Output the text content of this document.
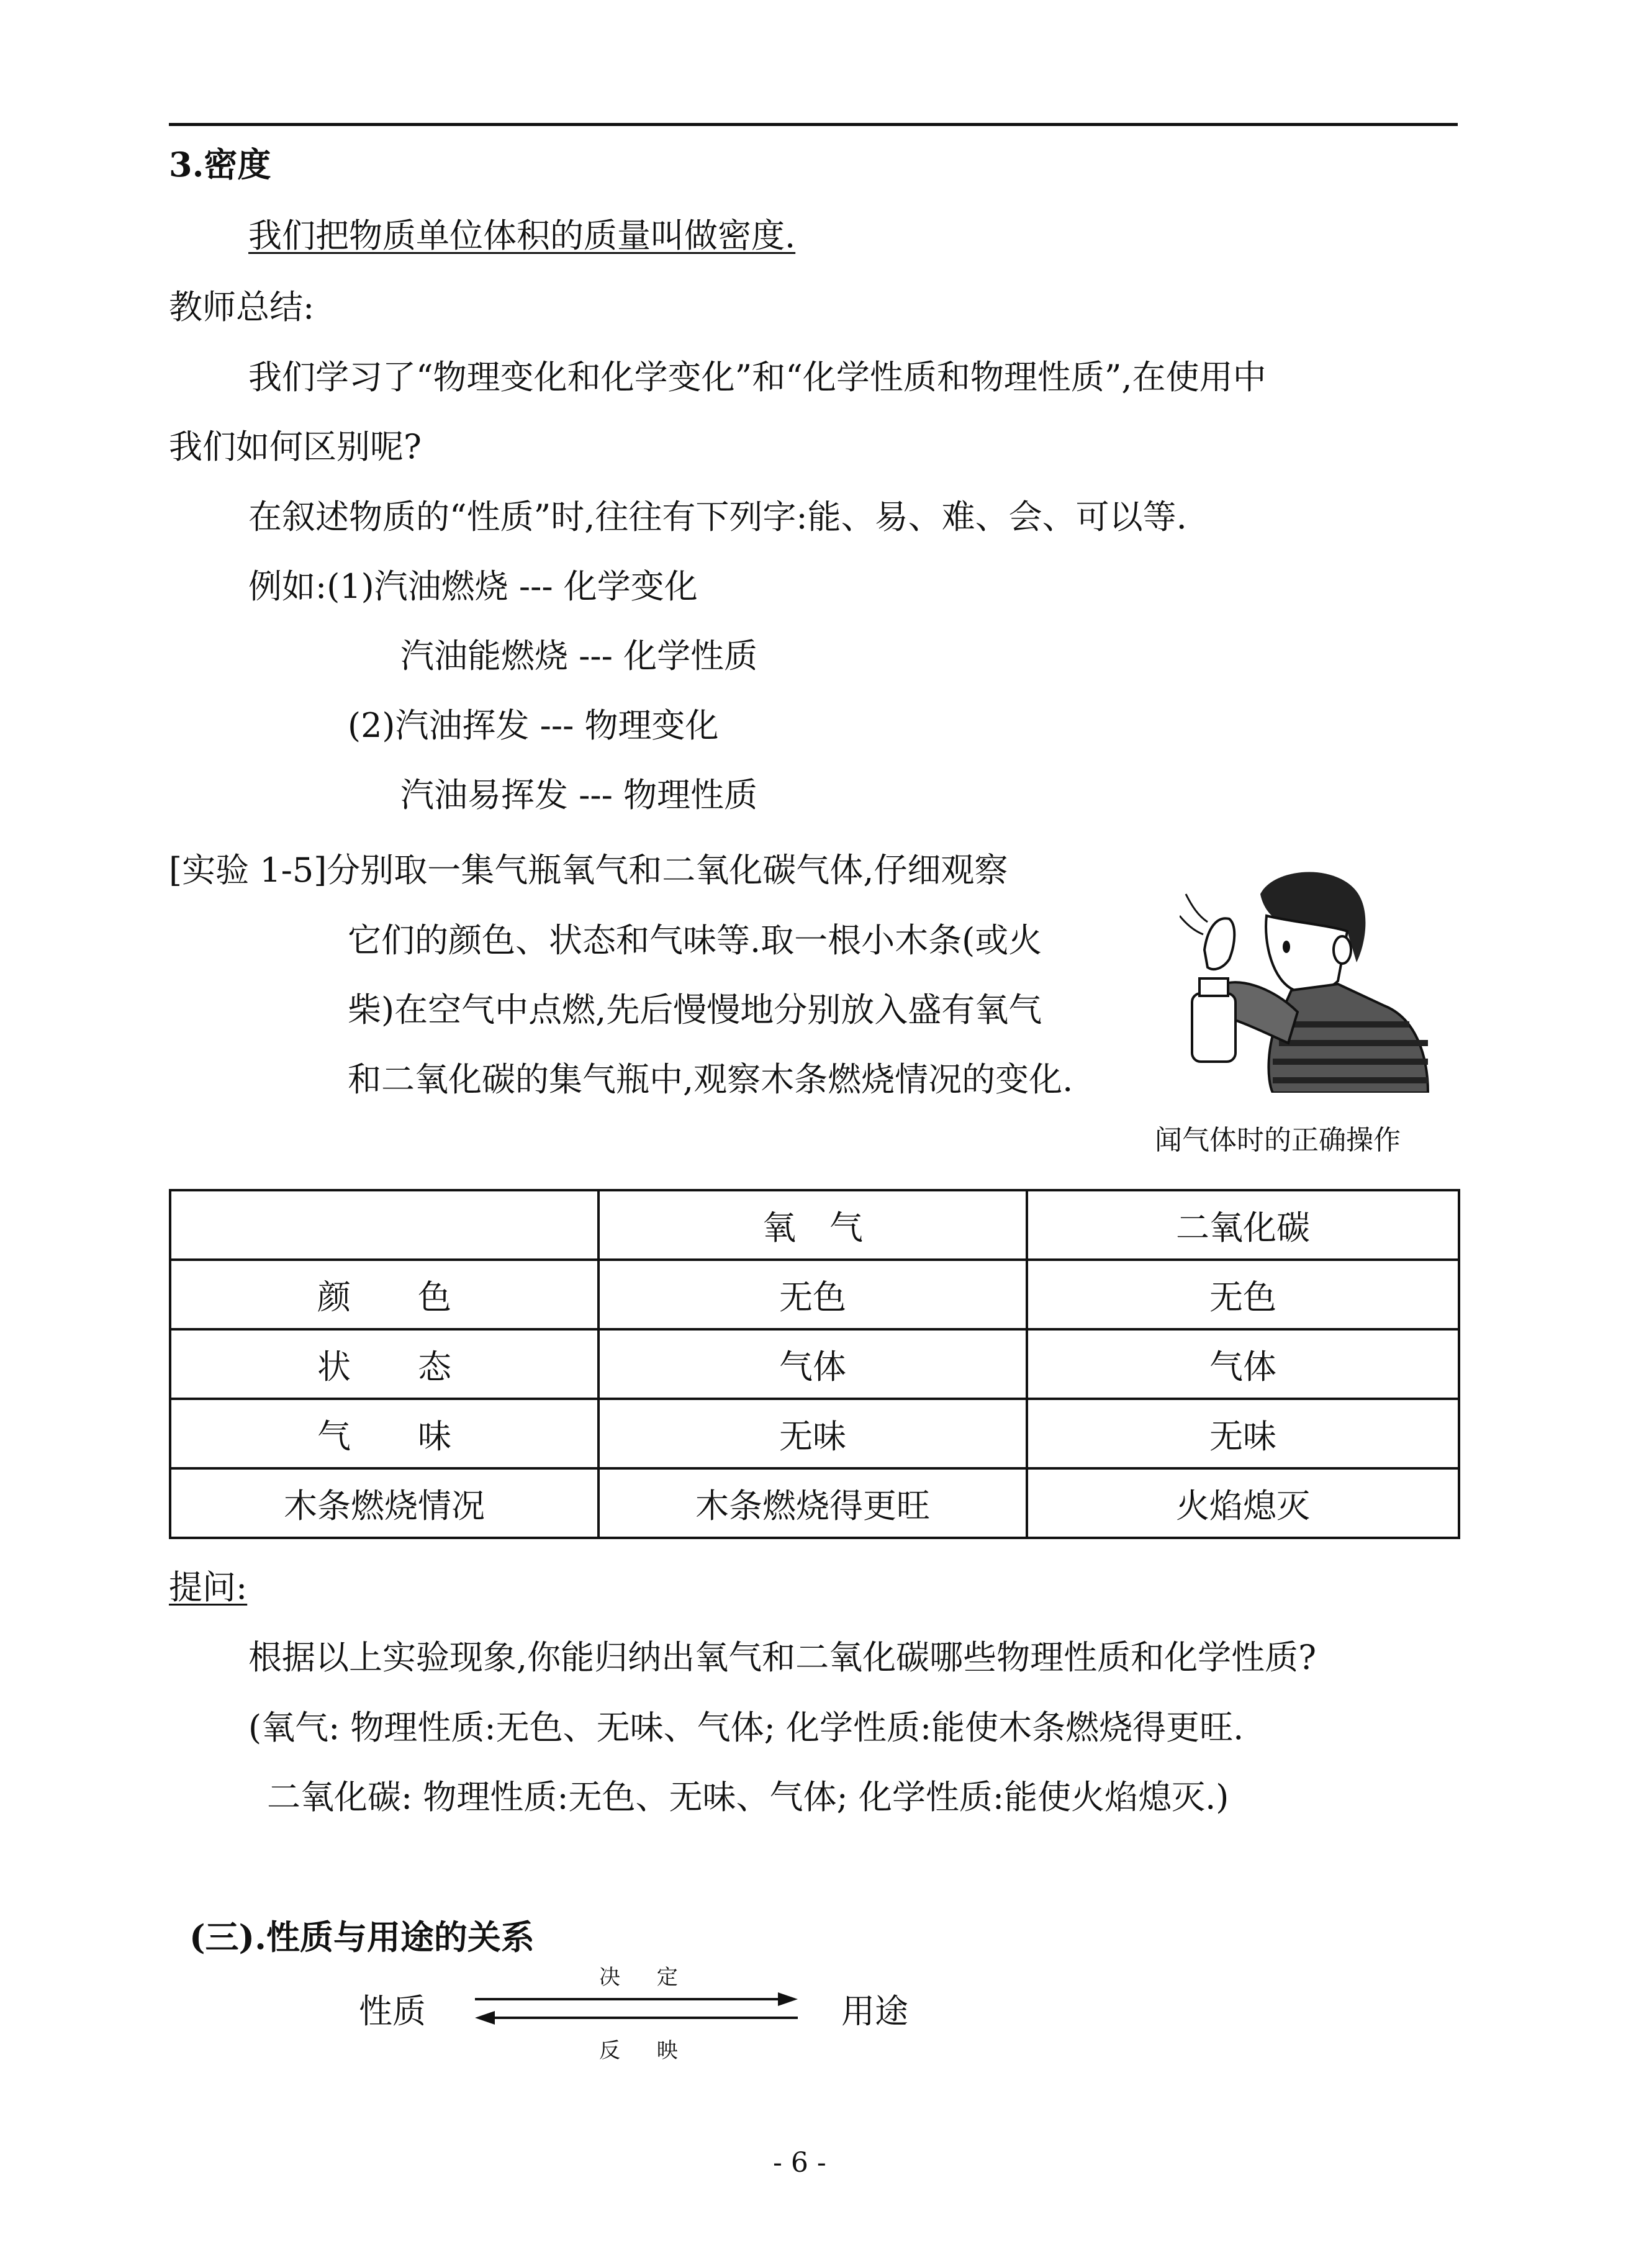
3.密度
我们把物质单位体积的质量叫做密度.
教师总结:
我们学习了“物理变化和化学变化”和“化学性质和物理性质”,在使用中
我们如何区别呢?
在叙述物质的“性质”时,往往有下列字:能、易、难、会、可以等.
例如:(1)汽油燃烧 --- 化学变化
汽油能燃烧 --- 化学性质
(2)汽油挥发 --- 物理变化
汽油易挥发 --- 物理性质
[实验 1-5]分别取一集气瓶氧气和二氧化碳气体,仔细观察
它们的颜色、状态和气味等.取一根小木条(或火
柴)在空气中点燃,先后慢慢地分别放入盛有氧气
和二氧化碳的集气瓶中,观察木条燃烧情况的变化.
闻气体时的正确操作
	氧　气	二氧化碳
颜　　色	无色	无色
状　　态	气体	气体
气　　味	无味	无味
木条燃烧情况	木条燃烧得更旺	火焰熄灭
提问:
根据以上实验现象,你能归纳出氧气和二氧化碳哪些物理性质和化学性质?
(氧气: 物理性质:无色、无味、气体; 化学性质:能使木条燃烧得更旺.
二氧化碳: 物理性质:无色、无味、气体; 化学性质:能使火焰熄灭.)
(三).性质与用途的关系
决 定
性质	用途
反 映
- 6 -
